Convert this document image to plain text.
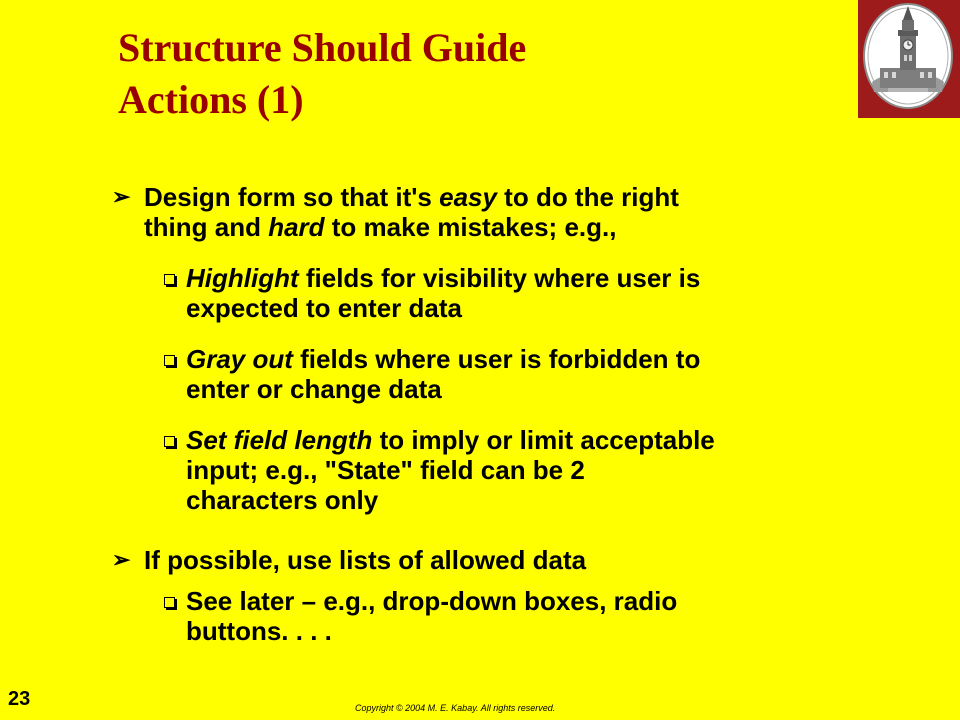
Structure Should Guide
Actions (1)
➢ Design form so that it's easy to do the right
thing and hard to make mistakes; e.g.,
Highlight fields for visibility where user is
expected to enter data
Gray out fields where user is forbidden to
enter or change data
Set field length to imply or limit acceptable
input; e.g., "State" field can be 2
characters only
➢ If possible, use lists of allowed data
See later – e.g., drop-down boxes, radio
buttons. . . .
23	Copyright © 2004 M. E. Kabay. All rights reserved.
